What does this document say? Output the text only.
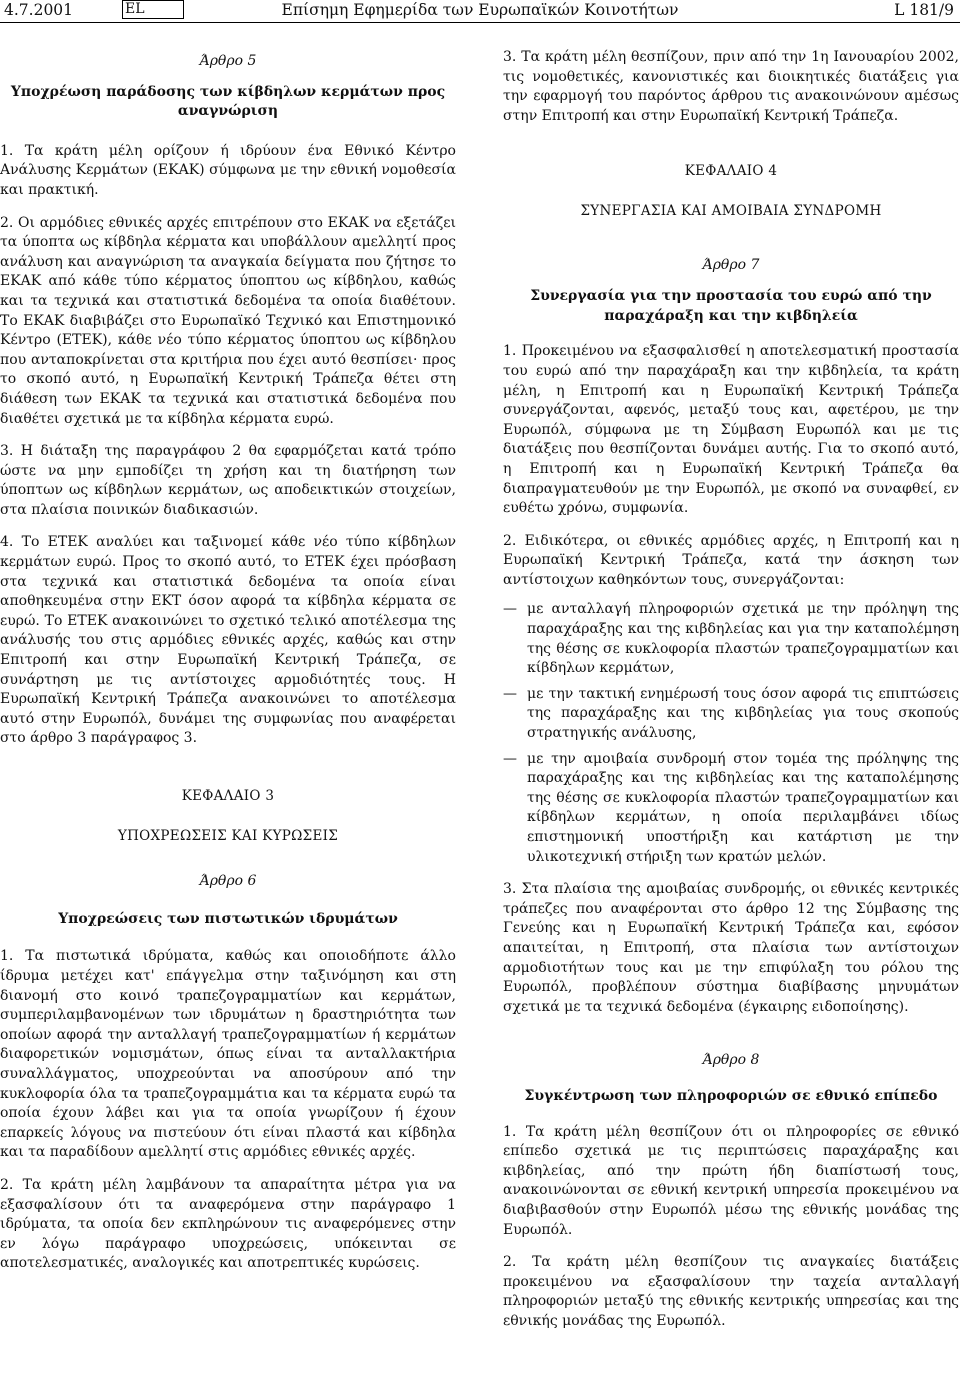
4.7.2001	EL	Επίσημη Εφημερίδα των Ευρωπαϊκών Κοινοτήτων	L 181/9

Άρθρο 5

Υποχρέωση παράδοσης των κίβδηλων κερμάτων προς αναγνώριση

1. Τα κράτη μέλη ορίζουν ή ιδρύουν ένα Εθνικό Κέντρο Ανάλυσης Κερμάτων (ΕΚΑΚ) σύμφωνα με την εθνική νομοθεσία και πρακτική.

2. Οι αρμόδιες εθνικές αρχές επιτρέπουν στο ΕΚΑΚ να εξετάζει τα ύποπτα ως κίβδηλα κέρματα και υποβάλλουν αμελλητί προς ανάλυση και αναγνώριση τα αναγκαία δείγματα που ζήτησε το ΕΚΑΚ από κάθε τύπο κέρματος ύποπτου ως κίβδηλου, καθώς και τα τεχνικά και στατιστικά δεδομένα τα οποία διαθέτουν. Το ΕΚΑΚ διαβιβάζει στο Ευρωπαϊκό Τεχνικό και Επιστημονικό Κέντρο (ΕΤΕΚ), κάθε νέο τύπο κέρματος ύποπτου ως κίβδηλου που ανταποκρίνεται στα κριτήρια που έχει αυτό θεσπίσει· προς το σκοπό αυτό, η Ευρωπαϊκή Κεντρική Τράπεζα θέτει στη διάθεση των ΕΚΑΚ τα τεχνικά και στατιστικά δεδομένα που διαθέτει σχετικά με τα κίβδηλα κέρματα ευρώ.

3. Η διάταξη της παραγράφου 2 θα εφαρμόζεται κατά τρόπο ώστε να μην εμποδίζει τη χρήση και τη διατήρηση των ύποπτων ως κίβδηλων κερμάτων, ως αποδεικτικών στοιχείων, στα πλαίσια ποινικών διαδικασιών.

4. Το ΕΤΕΚ αναλύει και ταξινομεί κάθε νέο τύπο κίβδηλων κερμάτων ευρώ. Προς το σκοπό αυτό, το ΕΤΕΚ έχει πρόσβαση στα τεχνικά και στατιστικά δεδομένα τα οποία είναι αποθηκευμένα στην ΕΚΤ όσον αφορά τα κίβδηλα κέρματα σε ευρώ. Το ΕΤΕΚ ανακοινώνει το σχετικό τελικό αποτέλεσμα της ανάλυσής του στις αρμόδιες εθνικές αρχές, καθώς και στην Επιτροπή και στην Ευρωπαϊκή Κεντρική Τράπεζα, σε συνάρτηση με τις αντίστοιχες αρμοδιότητές τους. Η Ευρωπαϊκή Κεντρική Τράπεζα ανακοινώνει το αποτέλεσμα αυτό στην Ευρωπόλ, δυνάμει της συμφωνίας που αναφέρεται στο άρθρο 3 παράγραφος 3.

ΚΕΦΑΛΑΙΟ 3

ΥΠΟΧΡΕΩΣΕΙΣ ΚΑΙ ΚΥΡΩΣΕΙΣ

Άρθρο 6

Υποχρεώσεις των πιστωτικών ιδρυμάτων

1. Τα πιστωτικά ιδρύματα, καθώς και οποιοδήποτε άλλο ίδρυμα μετέχει κατ' επάγγελμα στην ταξινόμηση και στη διανομή στο κοινό τραπεζογραμματίων και κερμάτων, συμπεριλαμβανομένων των ιδρυμάτων η δραστηριότητα των οποίων αφορά την ανταλλαγή τραπεζογραμματίων ή κερμάτων διαφορετικών νομισμάτων, όπως είναι τα ανταλλακτήρια συναλλάγματος, υποχρεούνται να αποσύρουν από την κυκλοφορία όλα τα τραπεζογραμμάτια και τα κέρματα ευρώ τα οποία έχουν λάβει και για τα οποία γνωρίζουν ή έχουν επαρκείς λόγους να πιστεύουν ότι είναι πλαστά και κίβδηλα και τα παραδίδουν αμελλητί στις αρμόδιες εθνικές αρχές.

2. Τα κράτη μέλη λαμβάνουν τα απαραίτητα μέτρα για να εξασφαλίσουν ότι τα αναφερόμενα στην παράγραφο 1 ιδρύματα, τα οποία δεν εκπληρώνουν τις αναφερόμενες στην εν λόγω παράγραφο υποχρεώσεις, υπόκεινται σε αποτελεσματικές, αναλογικές και αποτρεπτικές κυρώσεις.

3. Τα κράτη μέλη θεσπίζουν, πριν από την 1η Ιανουαρίου 2002, τις νομοθετικές, κανονιστικές και διοικητικές διατάξεις για την εφαρμογή του παρόντος άρθρου τις ανακοινώνουν αμέσως στην Επιτροπή και στην Ευρωπαϊκή Κεντρική Τράπεζα.

ΚΕΦΑΛΑΙΟ 4

ΣΥΝΕΡΓΑΣΙΑ ΚΑΙ ΑΜΟΙΒΑΙΑ ΣΥΝΔΡΟΜΗ

Άρθρο 7

Συνεργασία για την προστασία του ευρώ από την παραχάραξη και την κιβδηλεία

1. Προκειμένου να εξασφαλισθεί η αποτελεσματική προστασία του ευρώ από την παραχάραξη και την κιβδηλεία, τα κράτη μέλη, η Επιτροπή και η Ευρωπαϊκή Κεντρική Τράπεζα συνεργάζονται, αφενός, μεταξύ τους και, αφετέρου, με την Ευρωπόλ, σύμφωνα με τη Σύμβαση Ευρωπόλ και με τις διατάξεις που θεσπίζονται δυνάμει αυτής. Για το σκοπό αυτό, η Επιτροπή και η Ευρωπαϊκή Κεντρική Τράπεζα θα διαπραγματευθούν με την Ευρωπόλ, με σκοπό να συναφθεί, εν ευθέτω χρόνω, συμφωνία.

2. Ειδικότερα, οι εθνικές αρμόδιες αρχές, η Επιτροπή και η Ευρωπαϊκή Κεντρική Τράπεζα, κατά την άσκηση των αντίστοιχων καθηκόντων τους, συνεργάζονται:

— με ανταλλαγή πληροφοριών σχετικά με την πρόληψη της παραχάραξης και της κιβδηλείας και για την καταπολέμηση της θέσης σε κυκλοφορία πλαστών τραπεζογραμματίων και κίβδηλων κερμάτων,
— με την τακτική ενημέρωσή τους όσον αφορά τις επιπτώσεις της παραχάραξης και της κιβδηλείας για τους σκοπούς στρατηγικής ανάλυσης,
— με την αμοιβαία συνδρομή στον τομέα της πρόληψης της παραχάραξης και της κιβδηλείας και της καταπολέμησης της θέσης σε κυκλοφορία πλαστών τραπεζογραμματίων και κίβδηλων κερμάτων, η οποία περιλαμβάνει ιδίως επιστημονική υποστήριξη και κατάρτιση με την υλικοτεχνική στήριξη των κρατών μελών.

3. Στα πλαίσια της αμοιβαίας συνδρομής, οι εθνικές κεντρικές τράπεζες που αναφέρονται στο άρθρο 12 της Σύμβασης της Γενεύης και η Ευρωπαϊκή Κεντρική Τράπεζα και, εφόσον απαιτείται, η Επιτροπή, στα πλαίσια των αντίστοιχων αρμοδιοτήτων τους και με την επιφύλαξη του ρόλου της Ευρωπόλ, προβλέπουν σύστημα διαβίβασης μηνυμάτων σχετικά με τα τεχνικά δεδομένα (έγκαιρης ειδοποίησης).

Άρθρο 8

Συγκέντρωση των πληροφοριών σε εθνικό επίπεδο

1. Τα κράτη μέλη θεσπίζουν ότι οι πληροφορίες σε εθνικό επίπεδο σχετικά με τις περιπτώσεις παραχάραξης και κιβδηλείας, από την πρώτη ήδη διαπίστωσή τους, ανακοινώνονται σε εθνική κεντρική υπηρεσία προκειμένου να διαβιβασθούν στην Ευρωπόλ μέσω της εθνικής μονάδας της Ευρωπόλ.

2. Τα κράτη μέλη θεσπίζουν τις αναγκαίες διατάξεις προκειμένου να εξασφαλίσουν την ταχεία ανταλλαγή πληροφοριών μεταξύ της εθνικής κεντρικής υπηρεσίας και της εθνικής μονάδας της Ευρωπόλ.
